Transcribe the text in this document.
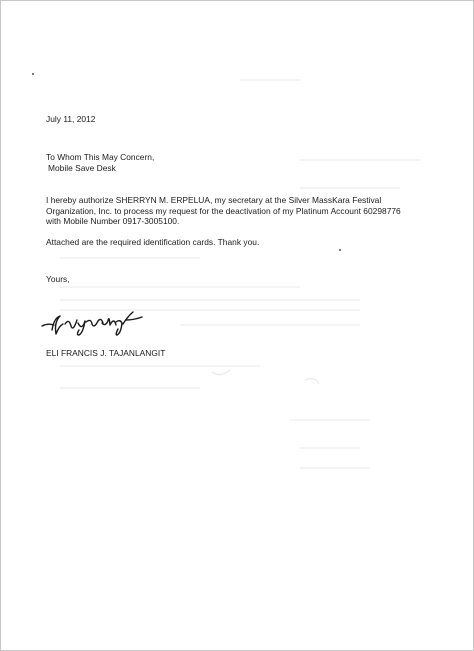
July 11, 2012
To Whom This May Concern,
Mobile Save Desk
I hereby authorize SHERRYN M. ERPELUA, my secretary at the Silver MassKara Festival
Organization, Inc. to process my request for the deactivation of my Platinum Account 60298776
with Mobile Number 0917-3005100.
Attached are the required identification cards. Thank you.
Yours,
ELI FRANCIS J. TAJANLANGIT
